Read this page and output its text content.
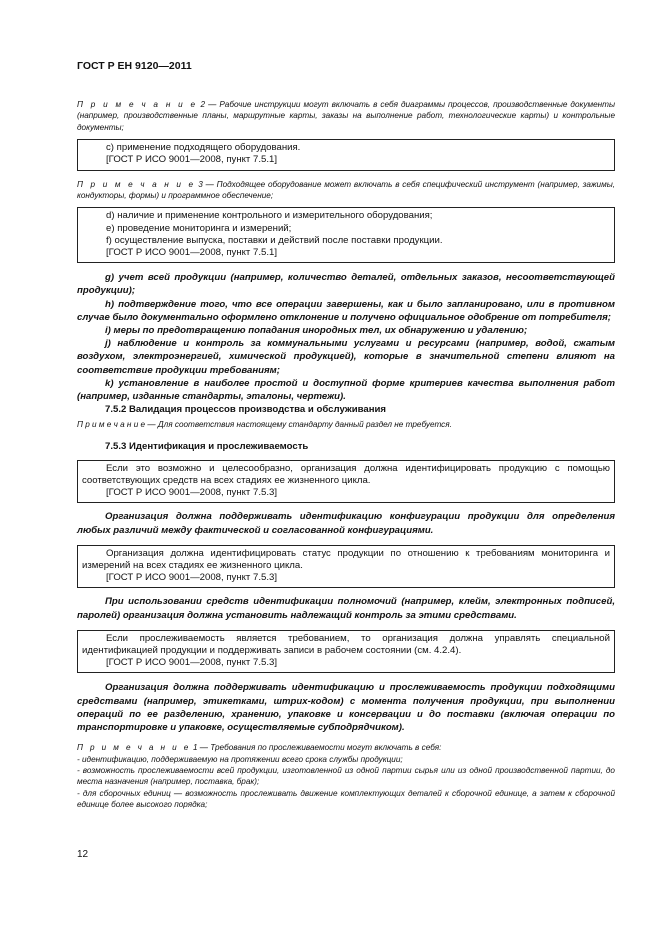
ГОСТ Р ЕН 9120—2011

П р и м е ч а н и е 2 — Рабочие инструкции могут включать в себя диаграммы процессов, производственные документы (например, производственные планы, маршрутные карты, заказы на выполнение работ, технологические карты) и контрольные документы;

c) применение подходящего оборудования.
[ГОСТ Р ИСО 9001—2008, пункт 7.5.1]

П р и м е ч а н и е 3 — Подходящее оборудование может включать в себя специфический инструмент (например, зажимы, кондукторы, формы) и программное обеспечение;

d) наличие и применение контрольного и измерительного оборудования;
e) проведение мониторинга и измерений;
f) осуществление выпуска, поставки и действий после поставки продукции.
[ГОСТ Р ИСО 9001—2008, пункт 7.5.1]

g) учет всей продукции (например, количество деталей, отдельных заказов, несоответствующей продукции);

h) подтверждение того, что все операции завершены, как и было запланировано, или в противном случае было документально оформлено отклонение и получено официальное одобрение от потребителя;

i) меры по предотвращению попадания инородных тел, их обнаружению и удалению;

j) наблюдение и контроль за коммунальными услугами и ресурсами (например, водой, сжатым воздухом, электроэнергией, химической продукцией), которые в значительной степени влияют на соответствие продукции требованиям;

k) установление в наиболее простой и доступной форме критериев качества выполнения работ (например, изданные стандарты, эталоны, чертежи).

7.5.2 Валидация процессов производства и обслуживания

П р и м е ч а н и е — Для соответствия настоящему стандарту данный раздел не требуется.

7.5.3 Идентификация и прослеживаемость

Если это возможно и целесообразно, организация должна идентифицировать продукцию с помощью соответствующих средств на всех стадиях ее жизненного цикла.
[ГОСТ Р ИСО 9001—2008, пункт 7.5.3]

Организация должна поддерживать идентификацию конфигурации продукции для определения любых различий между фактической и согласованной конфигурациями.

Организация должна идентифицировать статус продукции по отношению к требованиям мониторинга и измерений на всех стадиях ее жизненного цикла.
[ГОСТ Р ИСО 9001—2008, пункт 7.5.3]

При использовании средств идентификации полномочий (например, клейм, электронных подписей, паролей) организация должна установить надлежащий контроль за этими средствами.

Если прослеживаемость является требованием, то организация должна управлять специальной идентификацией продукции и поддерживать записи в рабочем состоянии (см. 4.2.4).
[ГОСТ Р ИСО 9001—2008, пункт 7.5.3]

Организация должна поддерживать идентификацию и прослеживаемость продукции подходящими средствами (например, этикетками, штрих-кодом) с момента получения продукции, при выполнении операций по ее разделению, хранению, упаковке и консервации и до поставки (включая операции по транспортировке и упаковке, осуществляемые субподрядчиком).

П р и м е ч а н и е 1 — Требования по прослеживаемости могут включать в себя:

- идентификацию, поддерживаемую на протяжении всего срока службы продукции;

- возможность прослеживаемости всей продукции, изготовленной из одной партии сырья или из одной производственной партии, до места назначения (например, поставка, брак);

- для сборочных единиц — возможность прослеживать движение комплектующих деталей к сборочной единице, а затем к сборочной единице более высокого порядка;

12
